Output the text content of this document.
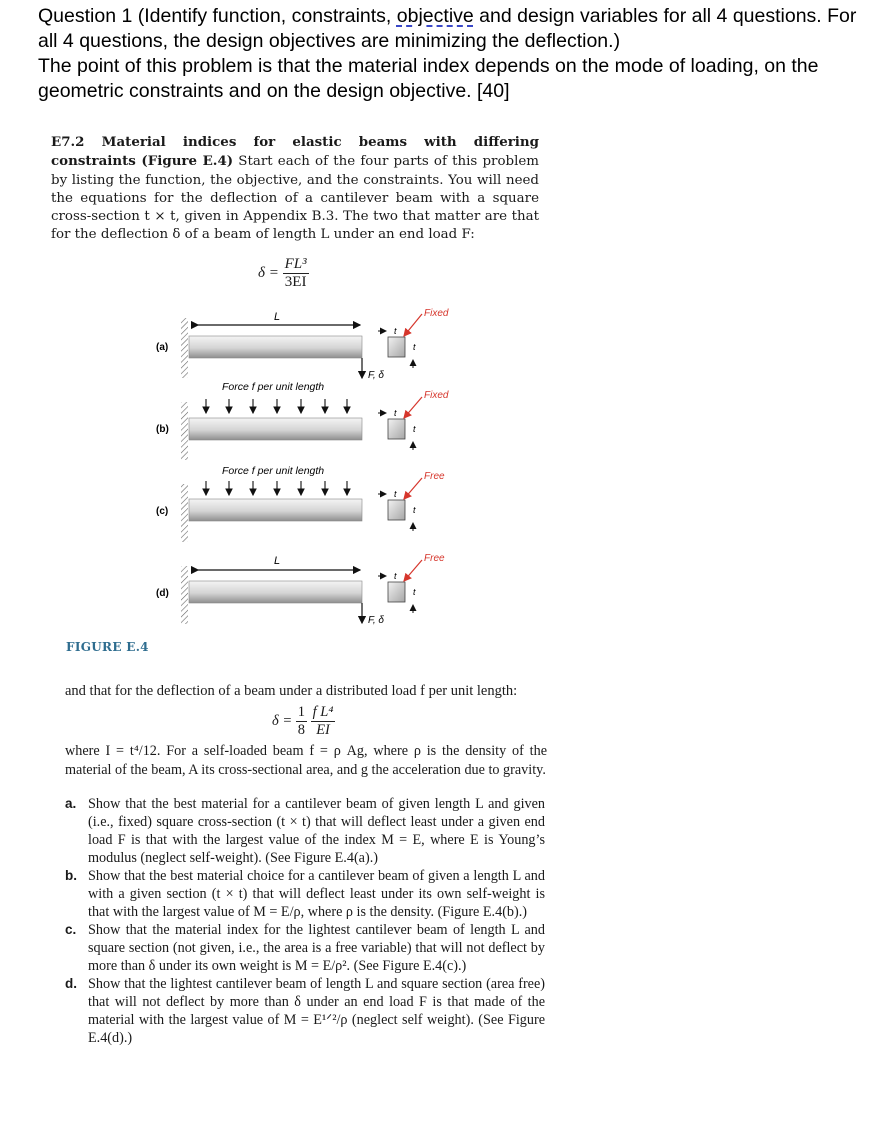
Question 1 (Identify function, constraints, objective and design variables for all 4 questions. For

all 4 questions, the design objectives are minimizing the deflection.)

The point of this problem is that the material index depends on the mode of loading, on the

geometric constraints and on the design objective. [40]

E7.2 Material indices for elastic beams with differing constraints (Figure E.4) Start each of the four parts of this problem by listing the function, the objective, and the constraints. You will need the equations for the deflection of a cantilever beam with a square cross-section t × t, given in Appendix B.3. The two that matter are that for the deflection δ of a beam of length L under an end load F:
$\delta = \frac{\text{FL³}}{3EI}$
L
(a)
F, δ
t
t
Fixed
Force f per unit length
(b)
t
t
Fixed
Force f per unit length
(c)
t
t
Free
L
(d)
F, δ
t
t
Free
FIGURE E.4
and that for the deflection of a beam under a distributed load f per unit length:
$\delta = \frac{1}{8}$
$\frac{\text{f L⁴}}{EI}$
where I = t⁴/12. For a self-loaded beam f = ρ Ag, where ρ is the density of the material of the beam, A its cross-sectional area, and g the acceleration due to gravity.
a. Show that the best material for a cantilever beam of given length L and given (i.e., fixed) square cross-section (t × t) that will deflect least under a given end load F is that with the largest value of the index M = E, where E is Young’s modulus (neglect self-weight). (See Figure E.4(a).)
b. Show that the best material choice for a cantilever beam of given a length L and with a given section (t × t) that will deflect least under its own self-weight is that with the largest value of M = E/ρ, where ρ is the density. (Figure E.4(b).)
c. Show that the material index for the lightest cantilever beam of length L and square section (not given, i.e., the area is a free variable) that will not deflect by more than δ under its own weight is M = E/ρ². (See Figure E.4(c).)
d. Show that the lightest cantilever beam of length L and square section (area free) that will not deflect by more than δ under an end load F is that made of the material with the largest value of M = E¹ᐟ²/ρ (neglect self weight). (See Figure E.4(d).)
